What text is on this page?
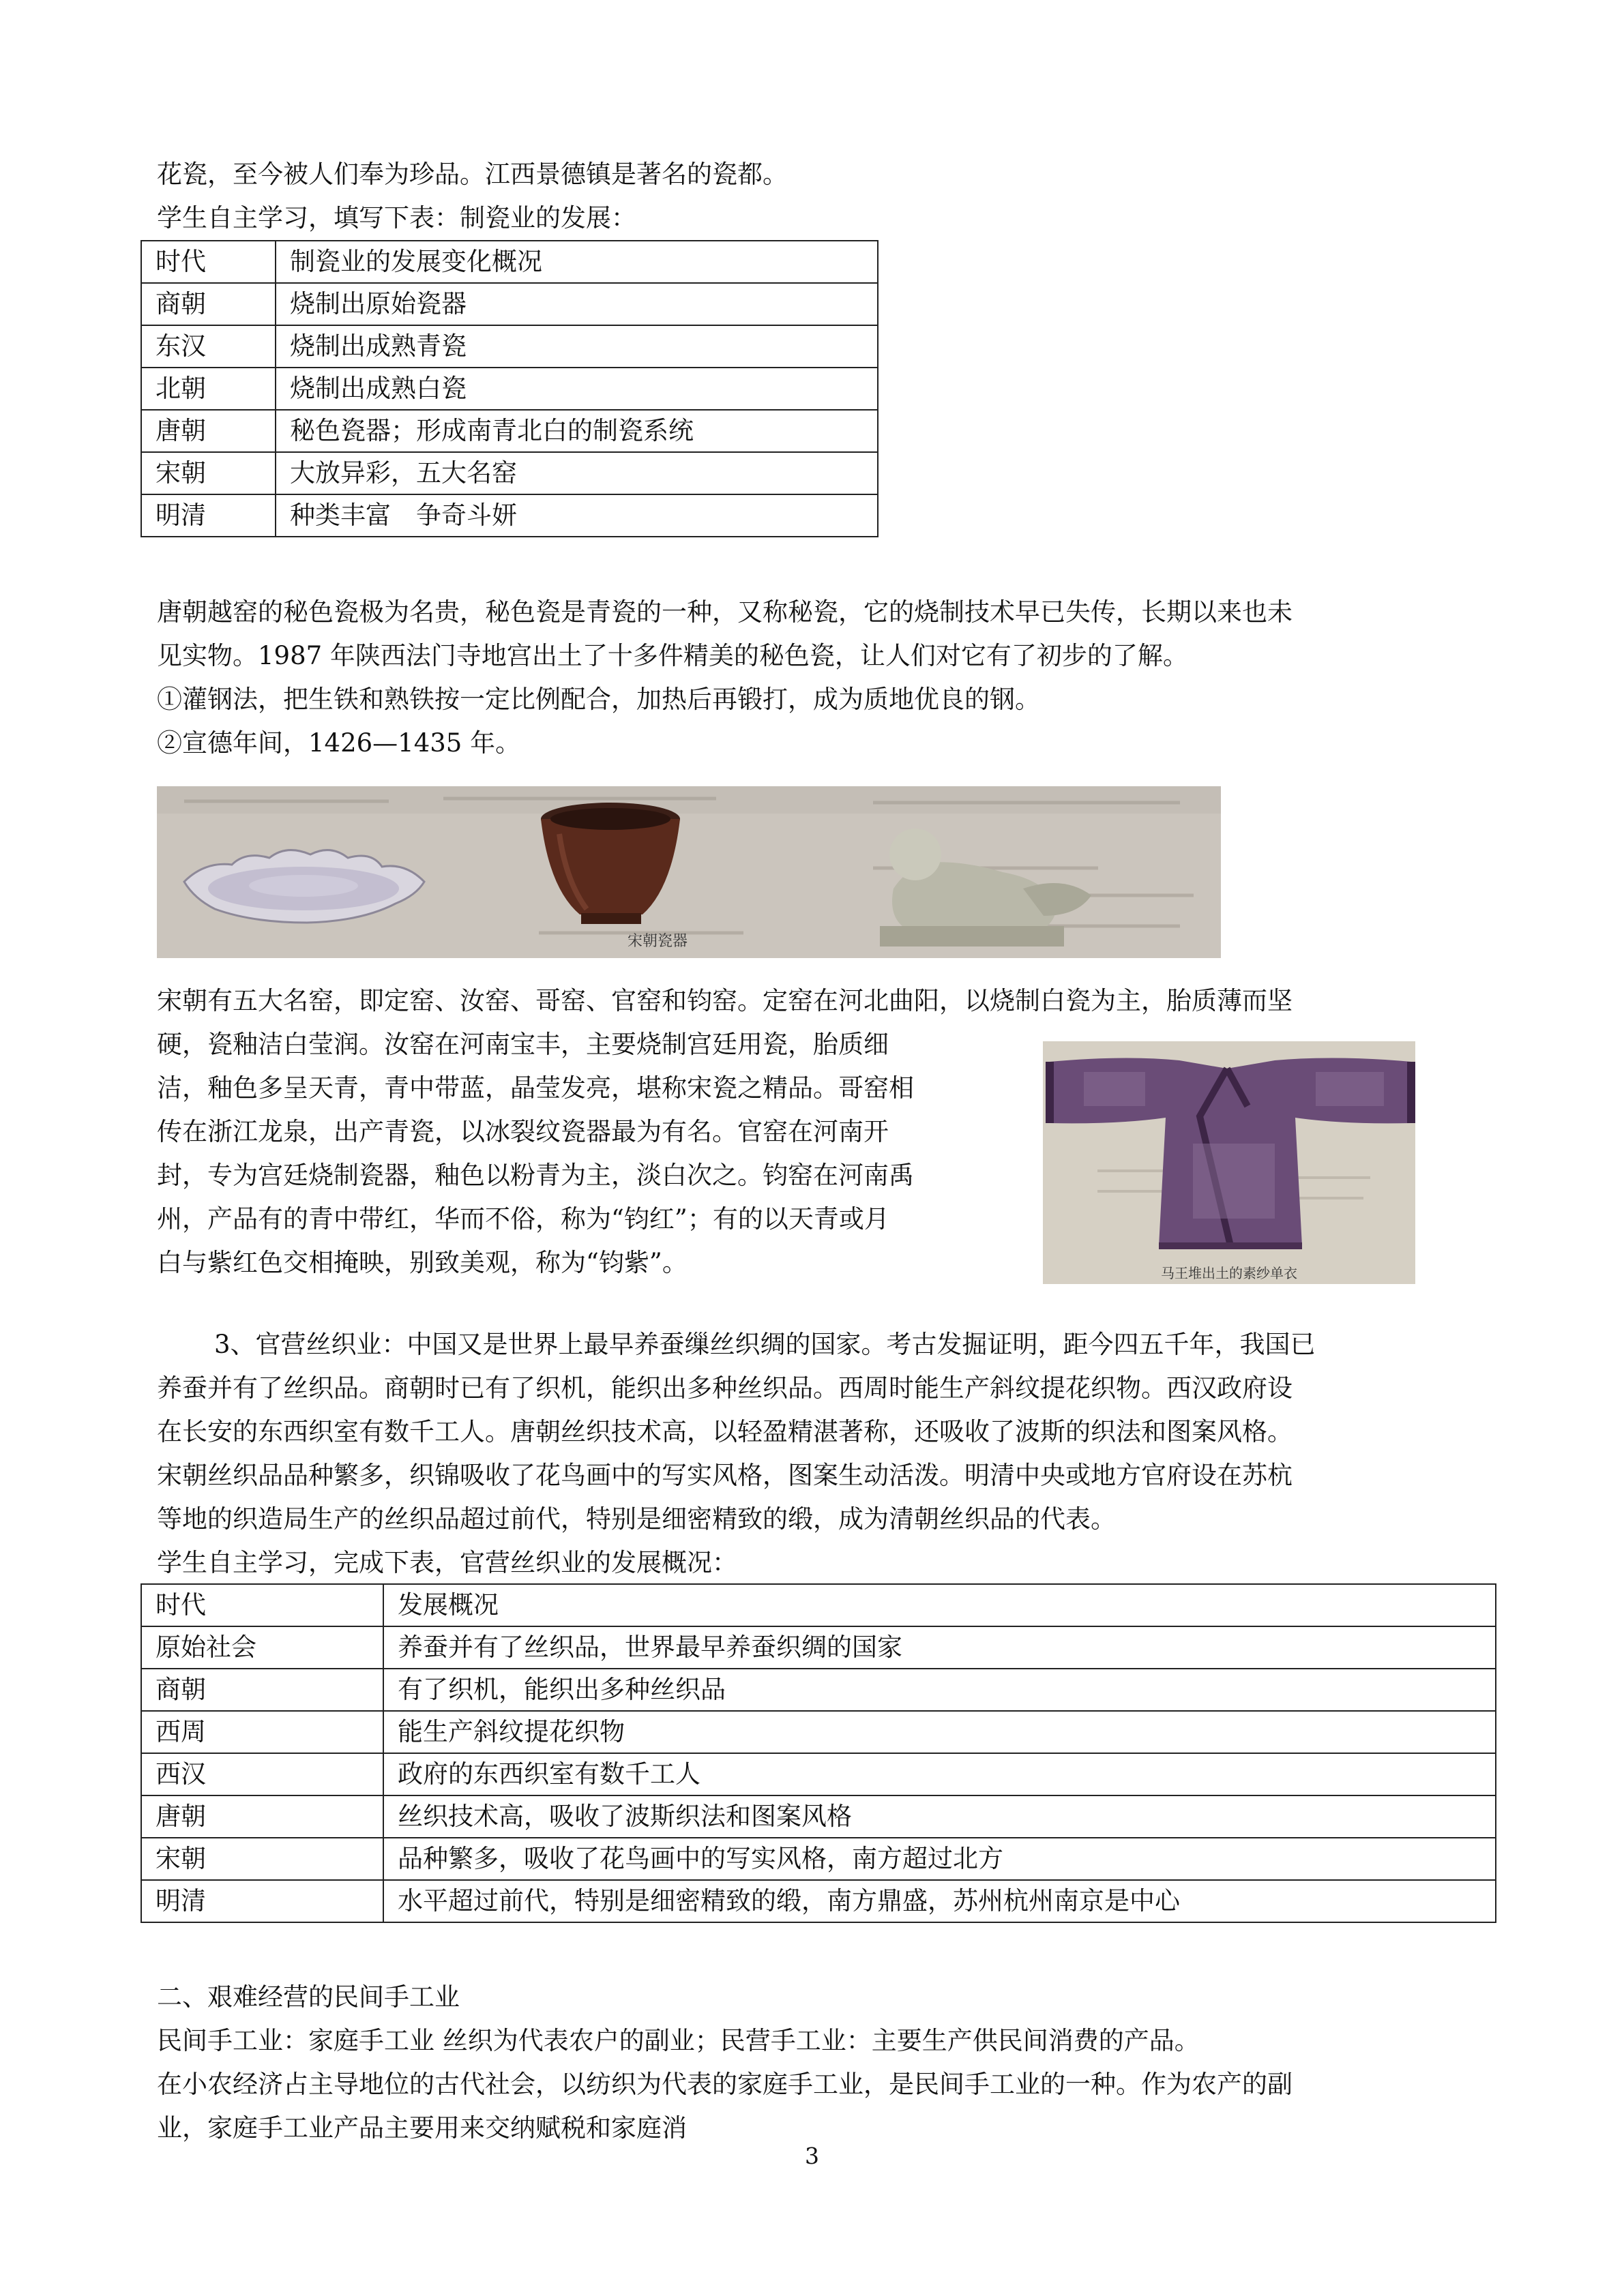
花瓷，至今被人们奉为珍品。江西景德镇是著名的瓷都。
学生自主学习，填写下表：制瓷业的发展：
时代	制瓷业的发展变化概况
商朝	烧制出原始瓷器
东汉	烧制出成熟青瓷
北朝	烧制出成熟白瓷
唐朝	秘色瓷器；形成南青北白的制瓷系统
宋朝	大放异彩，五大名窑
明清	种类丰富　争奇斗妍
唐朝越窑的秘色瓷极为名贵，秘色瓷是青瓷的一种，又称秘瓷，它的烧制技术早已失传，长期以来也未
见实物。1987 年陕西法门寺地宫出土了十多件精美的秘色瓷，让人们对它有了初步的了解。
①灌钢法，把生铁和熟铁按一定比例配合，加热后再锻打，成为质地优良的钢。
②宣德年间，1426—1435 年。
宋朝瓷器
宋朝有五大名窑，即定窑、汝窑、哥窑、官窑和钧窑。定窑在河北曲阳，以烧制白瓷为主，胎质薄而坚
硬，瓷釉洁白莹润。汝窑在河南宝丰，主要烧制宫廷用瓷，胎质细
洁，釉色多呈天青，青中带蓝，晶莹发亮，堪称宋瓷之精品。哥窑相
传在浙江龙泉，出产青瓷，以冰裂纹瓷器最为有名。官窑在河南开
封，专为宫廷烧制瓷器，釉色以粉青为主，淡白次之。钧窑在河南禹
州，产品有的青中带红，华而不俗，称为“钧红”；有的以天青或月
白与紫红色交相掩映，别致美观，称为“钧紫”。	马王堆出土的素纱单衣
3、官营丝织业：中国又是世界上最早养蚕缫丝织绸的国家。考古发掘证明，距今四五千年，我国已
养蚕并有了丝织品。商朝时已有了织机，能织出多种丝织品。西周时能生产斜纹提花织物。西汉政府设
在长安的东西织室有数千工人。唐朝丝织技术高，以轻盈精湛著称，还吸收了波斯的织法和图案风格。
宋朝丝织品品种繁多，织锦吸收了花鸟画中的写实风格，图案生动活泼。明清中央或地方官府设在苏杭
等地的织造局生产的丝织品超过前代，特别是细密精致的缎，成为清朝丝织品的代表。
学生自主学习，完成下表，官营丝织业的发展概况：
时代	发展概况
原始社会	养蚕并有了丝织品，世界最早养蚕织绸的国家
商朝	有了织机，能织出多种丝织品
西周	能生产斜纹提花织物
西汉	政府的东西织室有数千工人
唐朝	丝织技术高，吸收了波斯织法和图案风格
宋朝	品种繁多，吸收了花鸟画中的写实风格，南方超过北方
明清	水平超过前代，特别是细密精致的缎，南方鼎盛，苏州杭州南京是中心
二、艰难经营的民间手工业
民间手工业：家庭手工业 丝织为代表农户的副业；民营手工业：主要生产供民间消费的产品。
在小农经济占主导地位的古代社会，以纺织为代表的家庭手工业，是民间手工业的一种。作为农产的副
业，家庭手工业产品主要用来交纳赋税和家庭消
3
